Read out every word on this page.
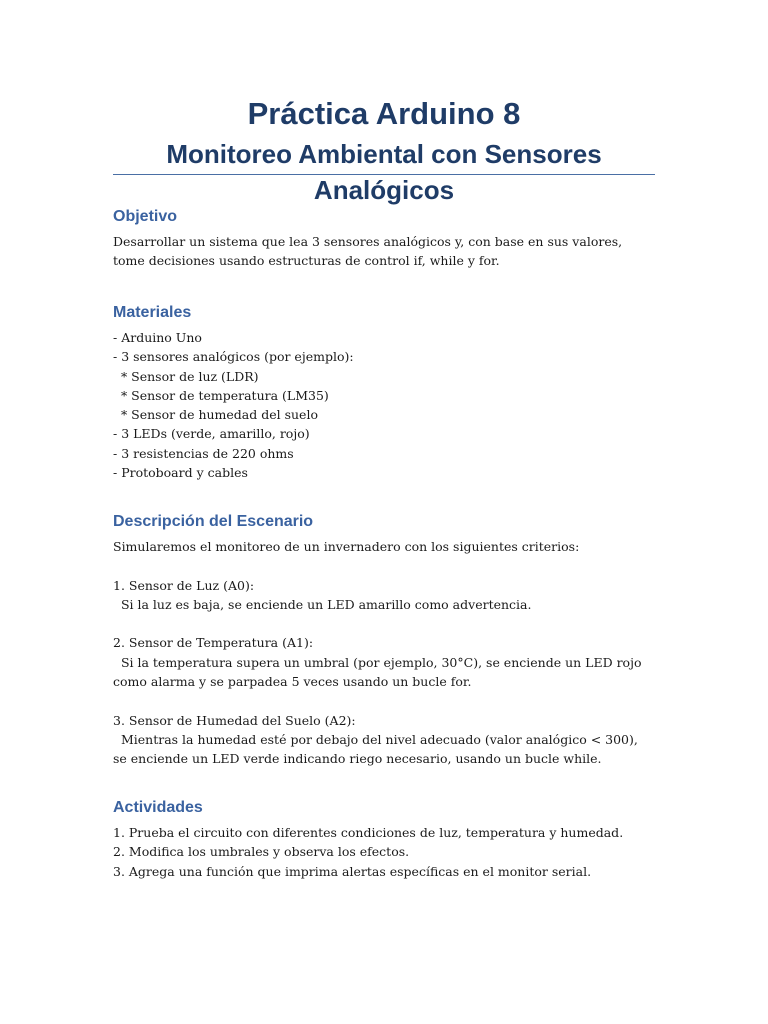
Práctica Arduino 8
Monitoreo Ambiental con Sensores Analógicos
Objetivo

Desarrollar un sistema que lea 3 sensores analógicos y, con base en sus valores, tome decisiones usando estructuras de control if, while y for.

Materiales

- Arduino Uno

- 3 sensores analógicos (por ejemplo):

* Sensor de luz (LDR)

* Sensor de temperatura (LM35)

* Sensor de humedad del suelo

- 3 LEDs (verde, amarillo, rojo)

- 3 resistencias de 220 ohms

- Protoboard y cables

Descripción del Escenario

Simularemos el monitoreo de un invernadero con los siguientes criterios:

1. Sensor de Luz (A0):

Si la luz es baja, se enciende un LED amarillo como advertencia.

2. Sensor de Temperatura (A1):

Si la temperatura supera un umbral (por ejemplo, 30°C), se enciende un LED rojo como alarma y se parpadea 5 veces usando un bucle for.

3. Sensor de Humedad del Suelo (A2):

Mientras la humedad esté por debajo del nivel adecuado (valor analógico < 300), se enciende un LED verde indicando riego necesario, usando un bucle while.

Actividades

1. Prueba el circuito con diferentes condiciones de luz, temperatura y humedad.

2. Modifica los umbrales y observa los efectos.

3. Agrega una función que imprima alertas específicas en el monitor serial.
